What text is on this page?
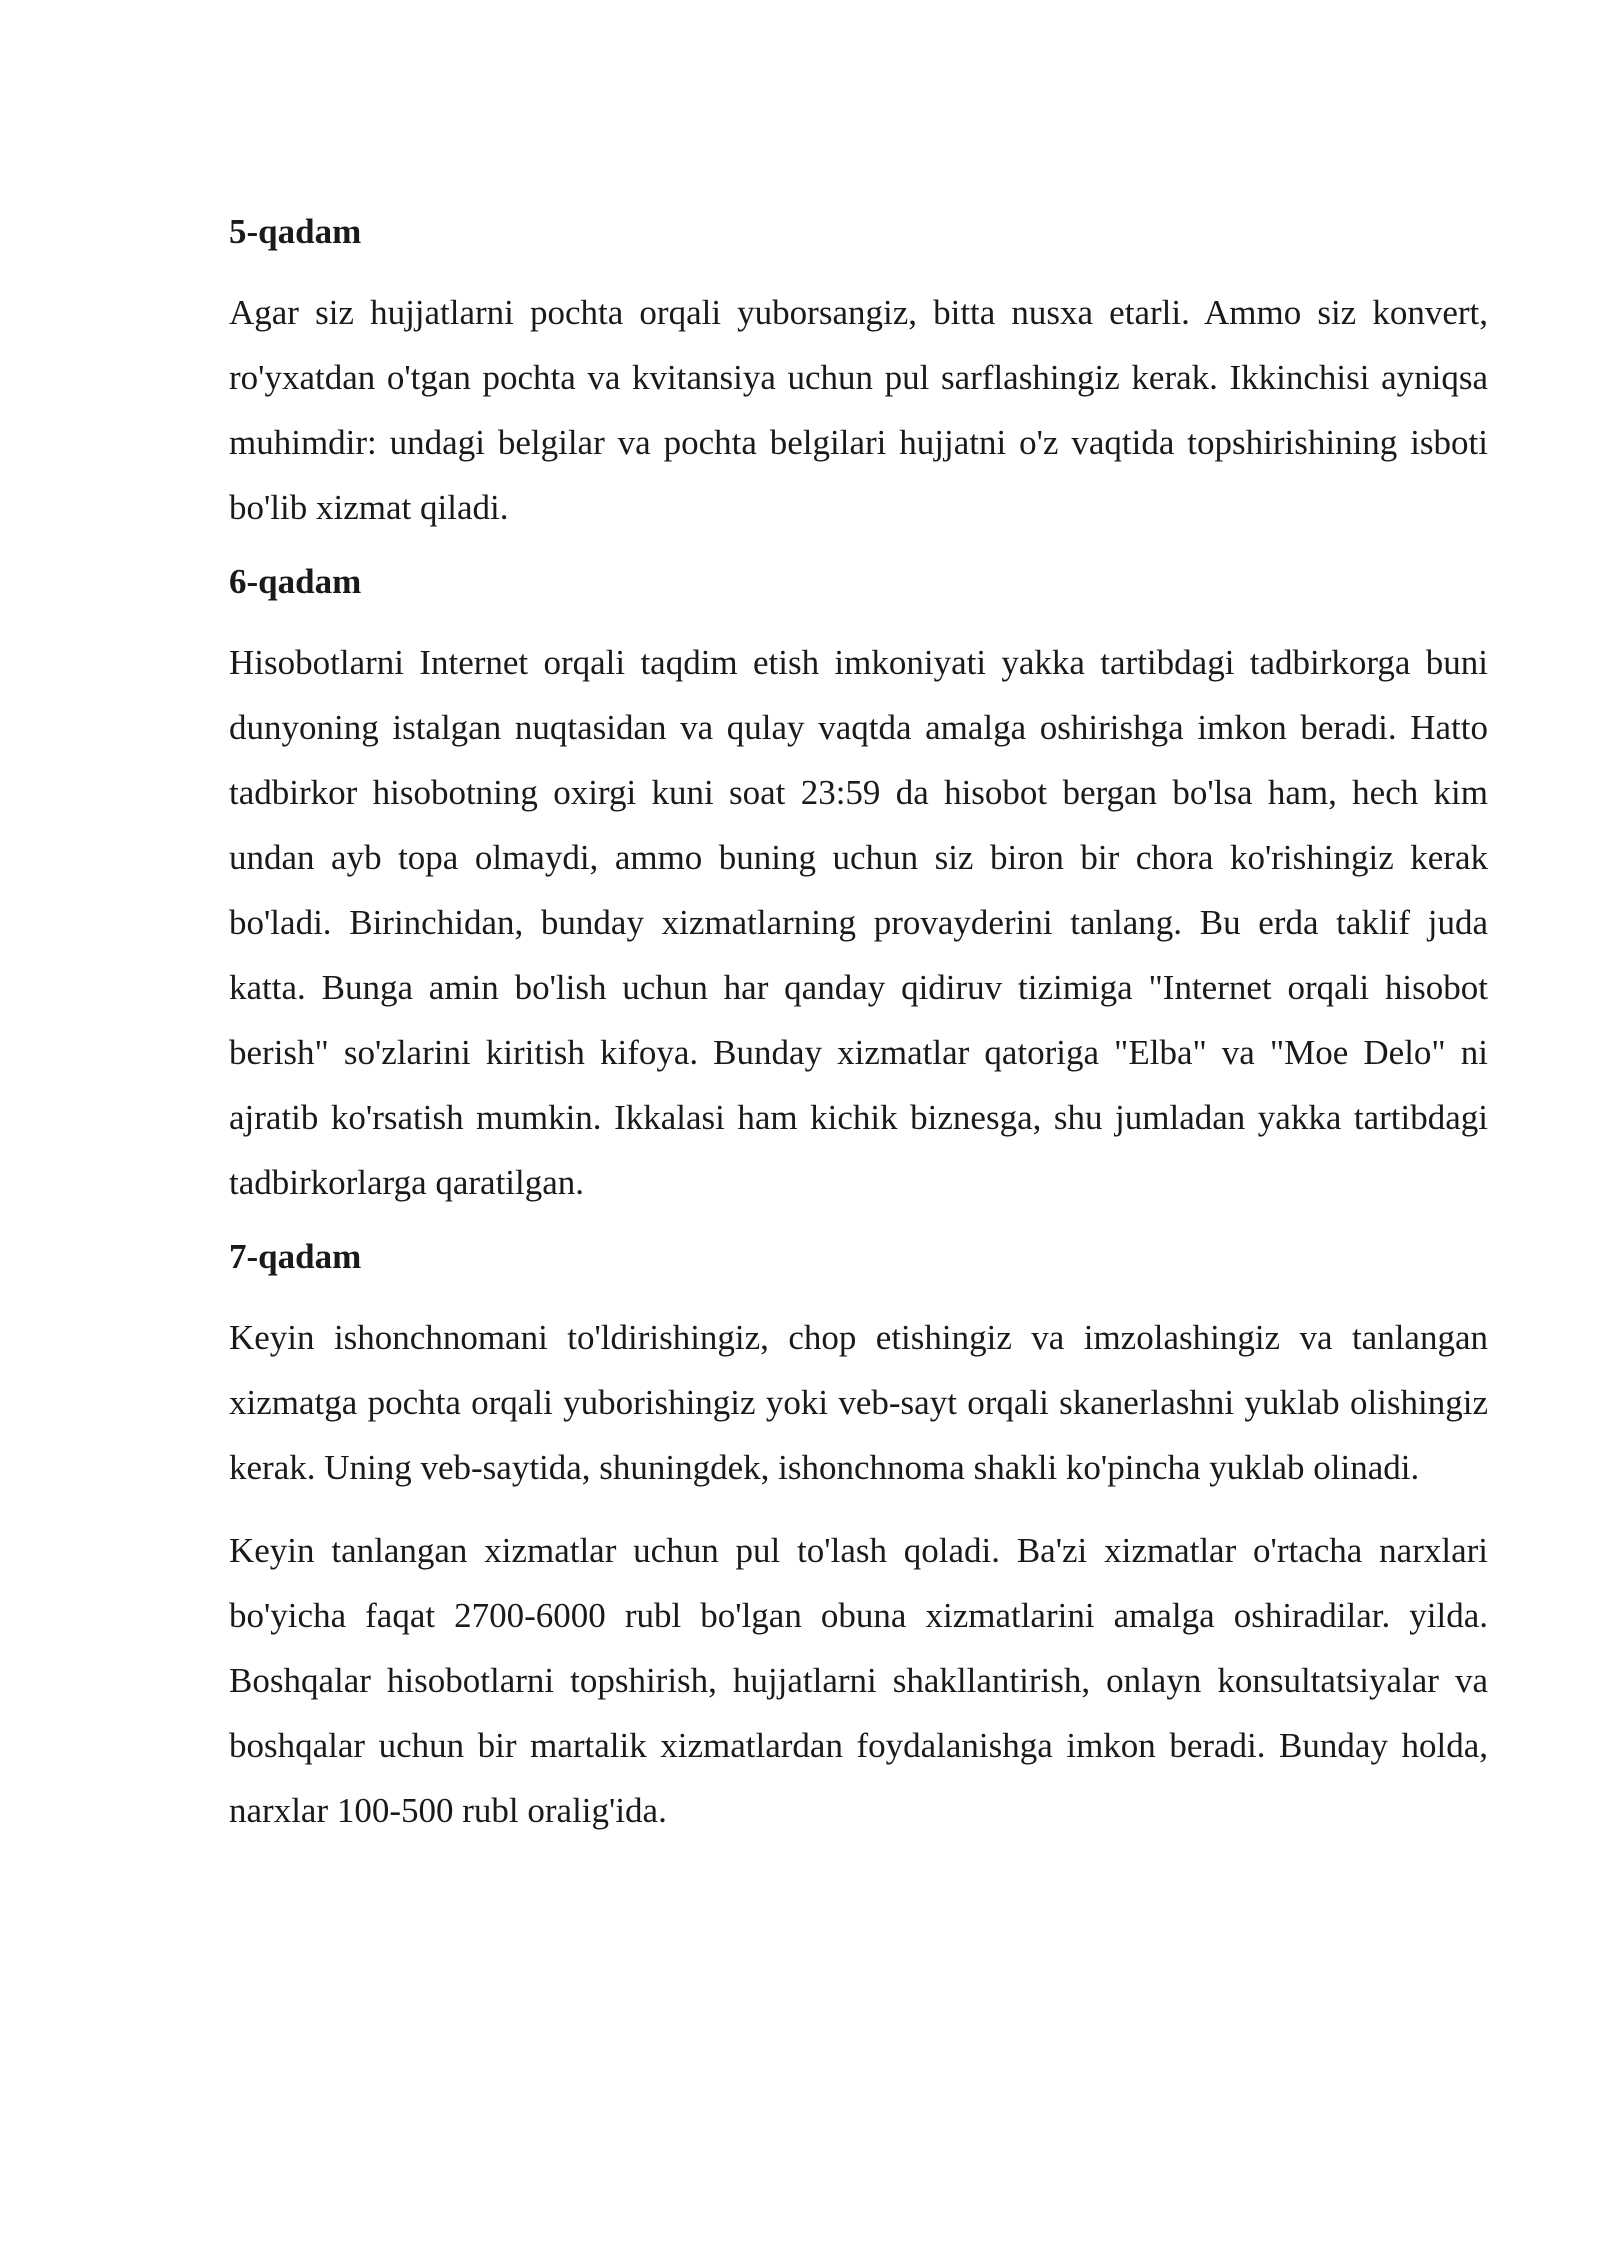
5-qadam

Agar siz hujjatlarni pochta orqali yuborsangiz, bitta nusxa etarli. Ammo siz konvert, ro'yxatdan o'tgan pochta va kvitansiya uchun pul sarflashingiz kerak. Ikkinchisi ayniqsa muhimdir: undagi belgilar va pochta belgilari hujjatni o'z vaqtida topshirishining isboti bo'lib xizmat qiladi.

6-qadam

Hisobotlarni Internet orqali taqdim etish imkoniyati yakka tartibdagi tadbirkorga buni dunyoning istalgan nuqtasidan va qulay vaqtda amalga oshirishga imkon beradi. Hatto tadbirkor hisobotning oxirgi kuni soat 23:59 da hisobot bergan bo'lsa ham, hech kim undan ayb topa olmaydi, ammo buning uchun siz biron bir chora ko'rishingiz kerak bo'ladi. Birinchidan, bunday xizmatlarning provayderini tanlang. Bu erda taklif juda katta. Bunga amin bo'lish uchun har qanday qidiruv tizimiga "Internet orqali hisobot berish" so'zlarini kiritish kifoya. Bunday xizmatlar qatoriga "Elba" va "Moe Delo" ni ajratib ko'rsatish mumkin. Ikkalasi ham kichik biznesga, shu jumladan yakka tartibdagi tadbirkorlarga qaratilgan.

7-qadam

Keyin ishonchnomani to'ldirishingiz, chop etishingiz va imzolashingiz va tanlangan xizmatga pochta orqali yuborishingiz yoki veb-sayt orqali skanerlashni yuklab olishingiz kerak. Uning veb-saytida, shuningdek, ishonchnoma shakli ko'pincha yuklab olinadi.

Keyin tanlangan xizmatlar uchun pul to'lash qoladi. Ba'zi xizmatlar o'rtacha narxlari bo'yicha faqat 2700-6000 rubl bo'lgan obuna xizmatlarini amalga oshiradilar. yilda. Boshqalar hisobotlarni topshirish, hujjatlarni shakllantirish, onlayn konsultatsiyalar va boshqalar uchun bir martalik xizmatlardan foydalanishga imkon beradi. Bunday holda, narxlar 100-500 rubl oralig'ida.
